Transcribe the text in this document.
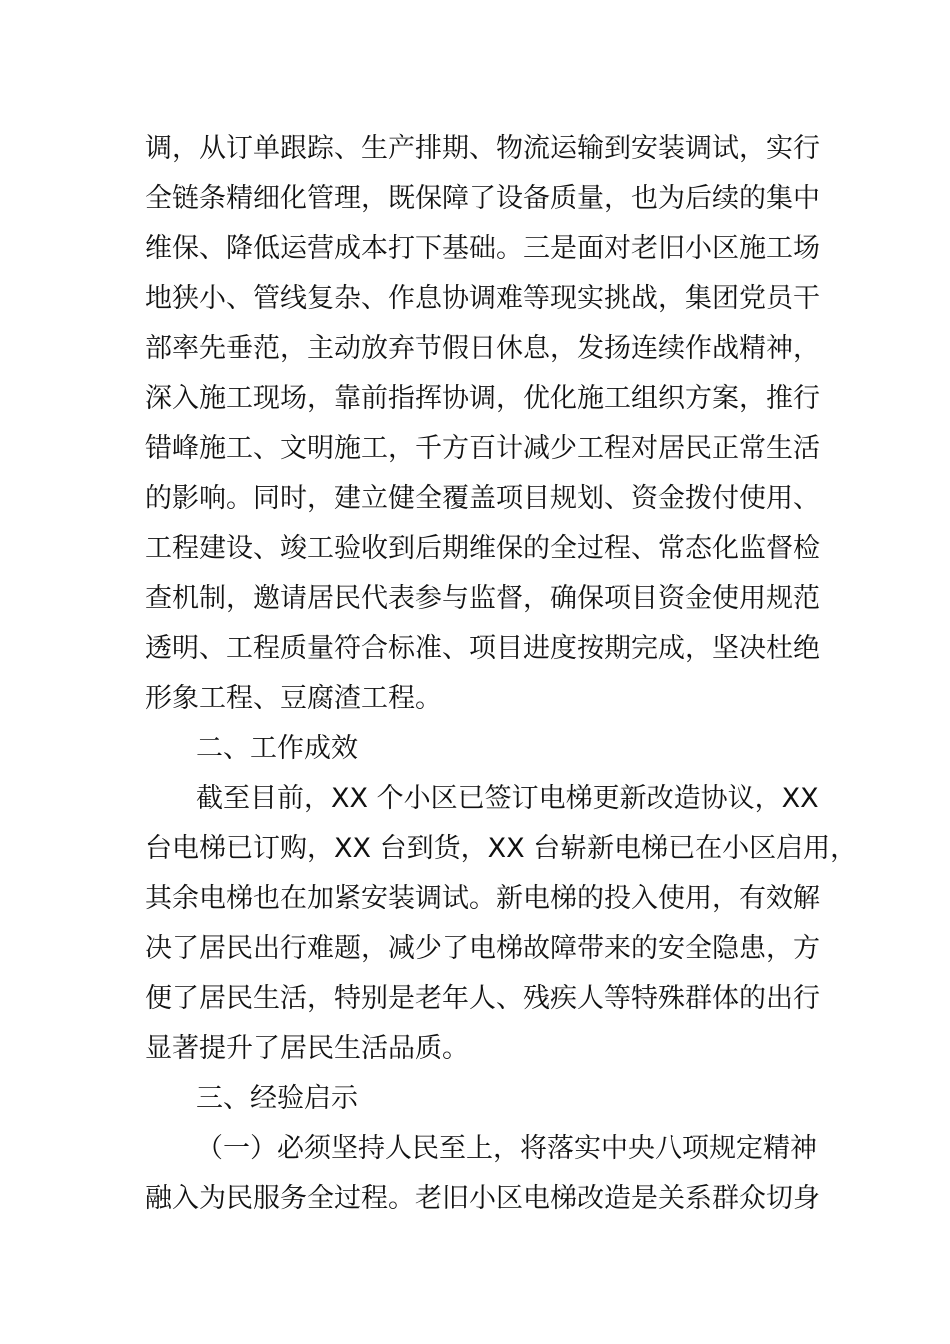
调，从订单跟踪、生产排期、物流运输到安装调试，实行
全链条精细化管理，既保障了设备质量，也为后续的集中
维保、降低运营成本打下基础。三是面对老旧小区施工场
地狭小、管线复杂、作息协调难等现实挑战，集团党员干
部率先垂范，主动放弃节假日休息，发扬连续作战精神，
深入施工现场，靠前指挥协调，优化施工组织方案，推行
错峰施工、文明施工，千方百计减少工程对居民正常生活
的影响。同时，建立健全覆盖项目规划、资金拨付使用、
工程建设、竣工验收到后期维保的全过程、常态化监督检
查机制，邀请居民代表参与监督，确保项目资金使用规范
透明、工程质量符合标准、项目进度按期完成，坚决杜绝
形象工程、豆腐渣工程。
二、工作成效
截至目前，XX 个小区已签订电梯更新改造协议，XX
台电梯已订购，XX 台到货，XX 台崭新电梯已在小区启用，
其余电梯也在加紧安装调试。新电梯的投入使用，有效解
决了居民出行难题，减少了电梯故障带来的安全隐患，方
便了居民生活，特别是老年人、残疾人等特殊群体的出行
显著提升了居民生活品质。
三、经验启示
（一）必须坚持人民至上，将落实中央八项规定精神
融入为民服务全过程。老旧小区电梯改造是关系群众切身
